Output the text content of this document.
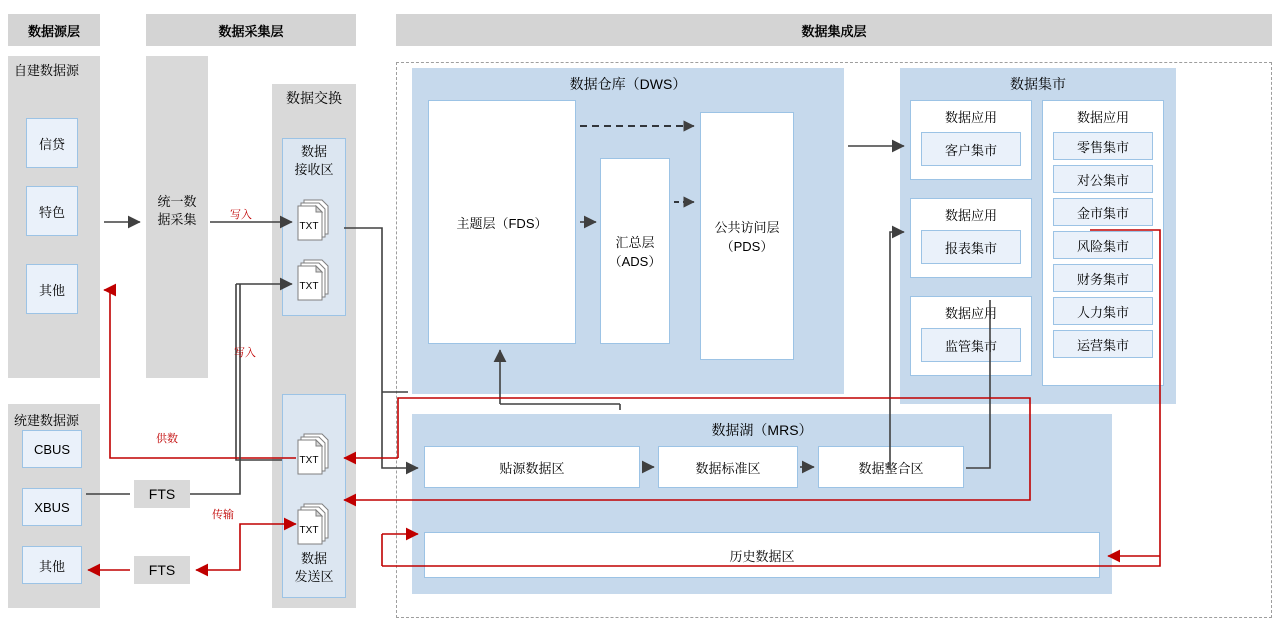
数据源层	数据采集层	数据集成层
自建数据源
信贷
特色
其他
统建数据源
CBUS
XBUS
其他
FTS
FTS
统一数
据采集
数据交换
数据
接收区
数据
发送区
数据仓库（DWS）
主题层（FDS）
汇总层
（ADS）
公共访问层
（PDS）
数据集市
数据应用
客户集市
数据应用
报表集市
数据应用
监管集市
数据应用
零售集市
对公集市
金市集市
风险集市
财务集市
人力集市
运营集市
数据湖（MRS）
贴源数据区	数据标准区	数据整合区
历史数据区
TXT
TXT
TXT
TXT
写入
写入
供数
传输
